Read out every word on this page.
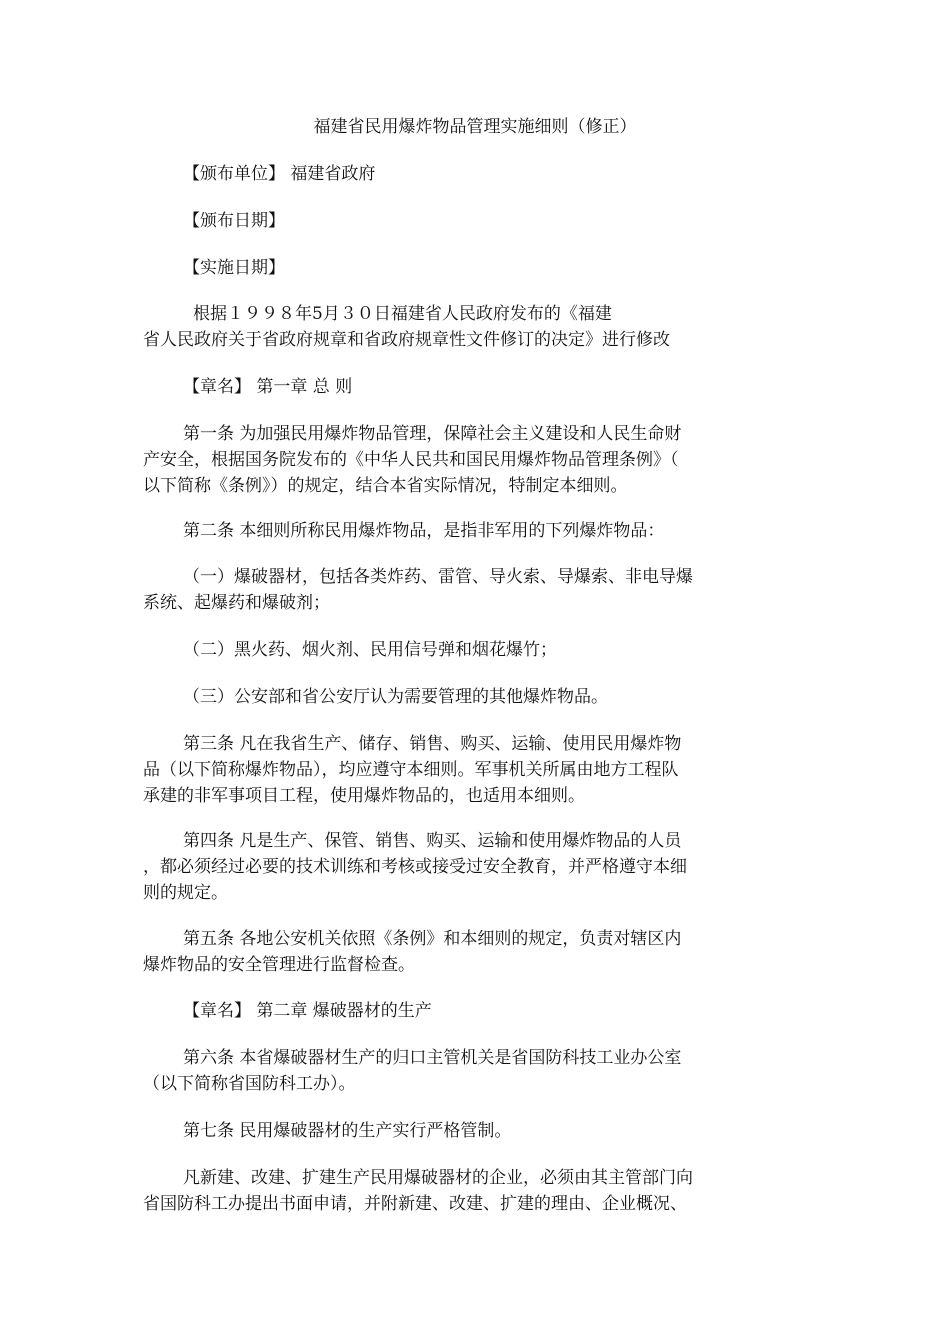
福建省民用爆炸物品管理实施细则（修正）
【颁布单位】 福建省政府
【颁布日期】
【实施日期】
根据１９９８年5月３０日福建省人民政府发布的《福建
省人民政府关于省政府规章和省政府规章性文件修订的决定》进行修改
【章名】 第一章 总 则
第一条 为加强民用爆炸物品管理，保障社会主义建设和人民生命财
产安全，根据国务院发布的《中华人民共和国民用爆炸物品管理条例》（
以下简称《条例》）的规定，结合本省实际情况，特制定本细则。
第二条 本细则所称民用爆炸物品，是指非军用的下列爆炸物品：
（一）爆破器材，包括各类炸药、雷管、导火索、导爆索、非电导爆
系统、起爆药和爆破剂；
（二）黑火药、烟火剂、民用信号弹和烟花爆竹；
（三）公安部和省公安厅认为需要管理的其他爆炸物品。
第三条 凡在我省生产、储存、销售、购买、运输、使用民用爆炸物
品（以下简称爆炸物品），均应遵守本细则。军事机关所属由地方工程队
承建的非军事项目工程，使用爆炸物品的，也适用本细则。
第四条 凡是生产、保管、销售、购买、运输和使用爆炸物品的人员
，都必须经过必要的技术训练和考核或接受过安全教育，并严格遵守本细
则的规定。
第五条 各地公安机关依照《条例》和本细则的规定，负责对辖区内
爆炸物品的安全管理进行监督检查。
【章名】 第二章 爆破器材的生产
第六条 本省爆破器材生产的归口主管机关是省国防科技工业办公室
（以下简称省国防科工办）。
第七条 民用爆破器材的生产实行严格管制。
凡新建、改建、扩建生产民用爆破器材的企业，必须由其主管部门向
省国防科工办提出书面申请，并附新建、改建、扩建的理由、企业概况、
